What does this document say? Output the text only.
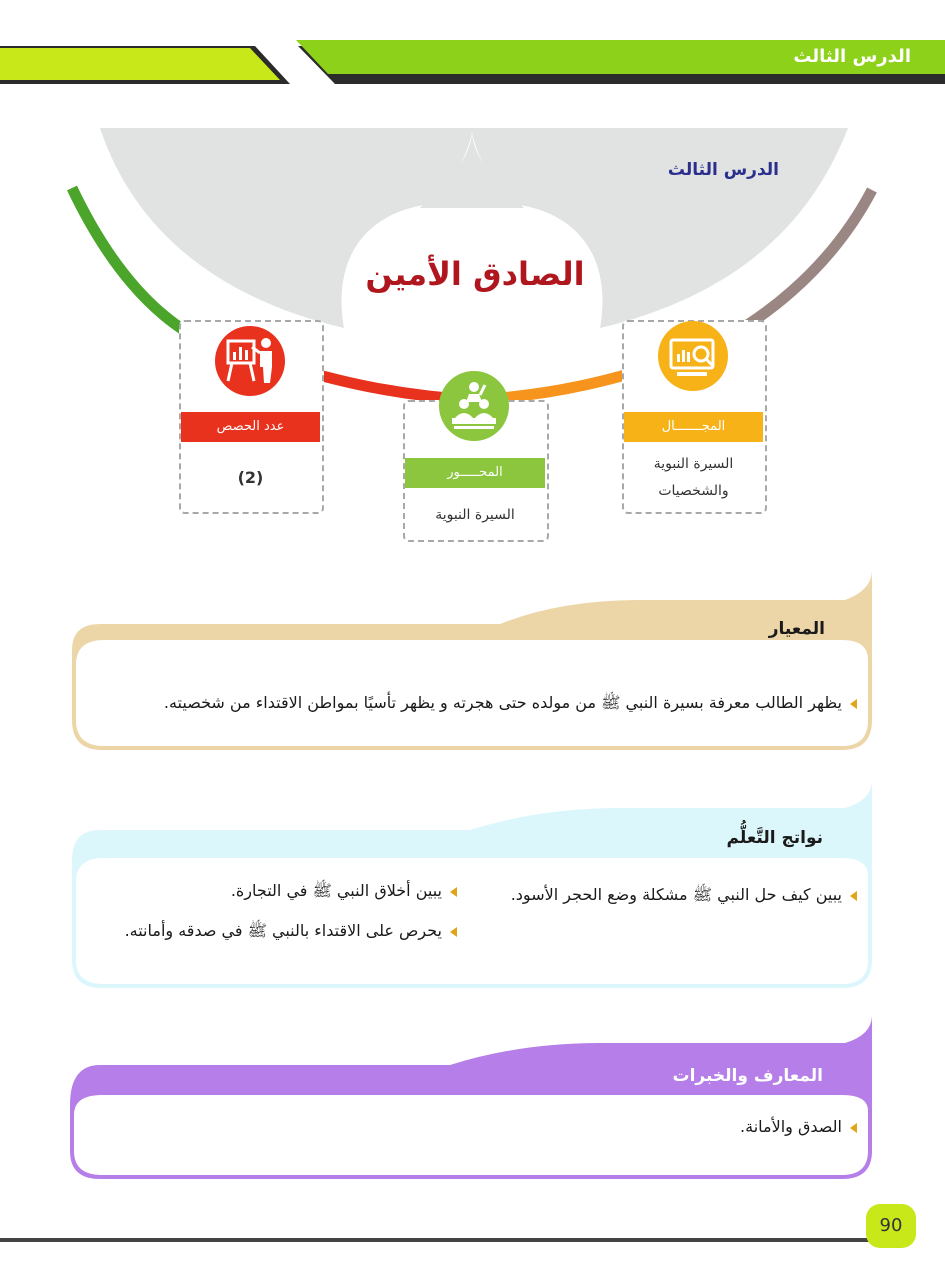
الدرس الثالث
الدرس الثالث
الصادق الأمين
عدد الحصص
(2)	المحـــــور
السيرة النبوية
المجـــــــال
السيرة النبوية
والشخصيات
المعيار
يظهر الطالب معرفة بسيرة النبي ﷺ من مولده حتى هجرته و يظهر تأسيًا بمواطن الاقتداء من شخصيته.
نواتج التَّعلُّم
يبين كيف حل النبي ﷺ مشكلة وضع الحجر الأسود.
يبين أخلاق النبي ﷺ في التجارة.
يحرص على الاقتداء بالنبي ﷺ في صدقه وأمانته.
المعارف والخبرات
الصدق والأمانة.
90
